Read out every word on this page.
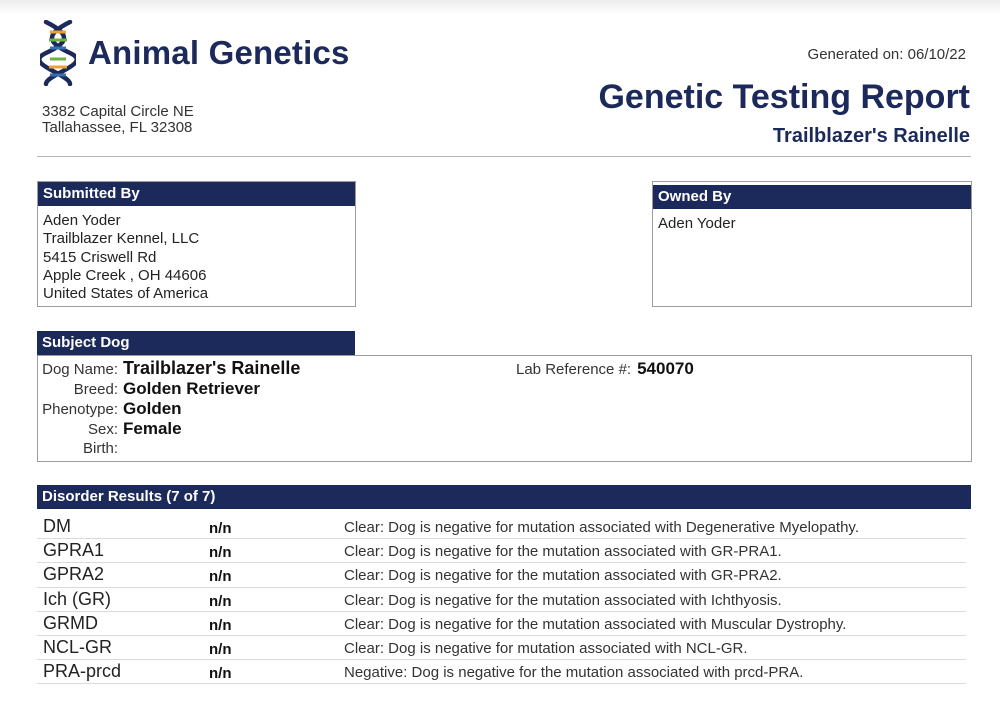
Animal Genetics
3382 Capital Circle NE
Tallahassee, FL 32308
Generated on: 06/10/22
Genetic Testing Report
Trailblazer's Rainelle
Submitted By
Aden Yoder
Trailblazer Kennel, LLC
5415 Criswell Rd
Apple Creek , OH 44606
United States of America
Owned By
Aden Yoder
Subject Dog
Dog Name: Trailblazer's Rainelle
Breed: Golden Retriever
Phenotype: Golden
Sex: Female
Birth:
Lab Reference #: 540070
Disorder Results (7 of 7)
DM	n/n	Clear: Dog is negative for mutation associated with Degenerative Myelopathy.
GPRA1	n/n	Clear: Dog is negative for the mutation associated with GR-PRA1.
GPRA2	n/n	Clear: Dog is negative for the mutation associated with GR-PRA2.
Ich (GR)	n/n	Clear: Dog is negative for the mutation associated with Ichthyosis.
GRMD	n/n	Clear: Dog is negative for the mutation associated with Muscular Dystrophy.
NCL-GR	n/n	Clear: Dog is negative for mutation associated with NCL-GR.
PRA-prcd	n/n	Negative: Dog is negative for the mutation associated with prcd-PRA.
